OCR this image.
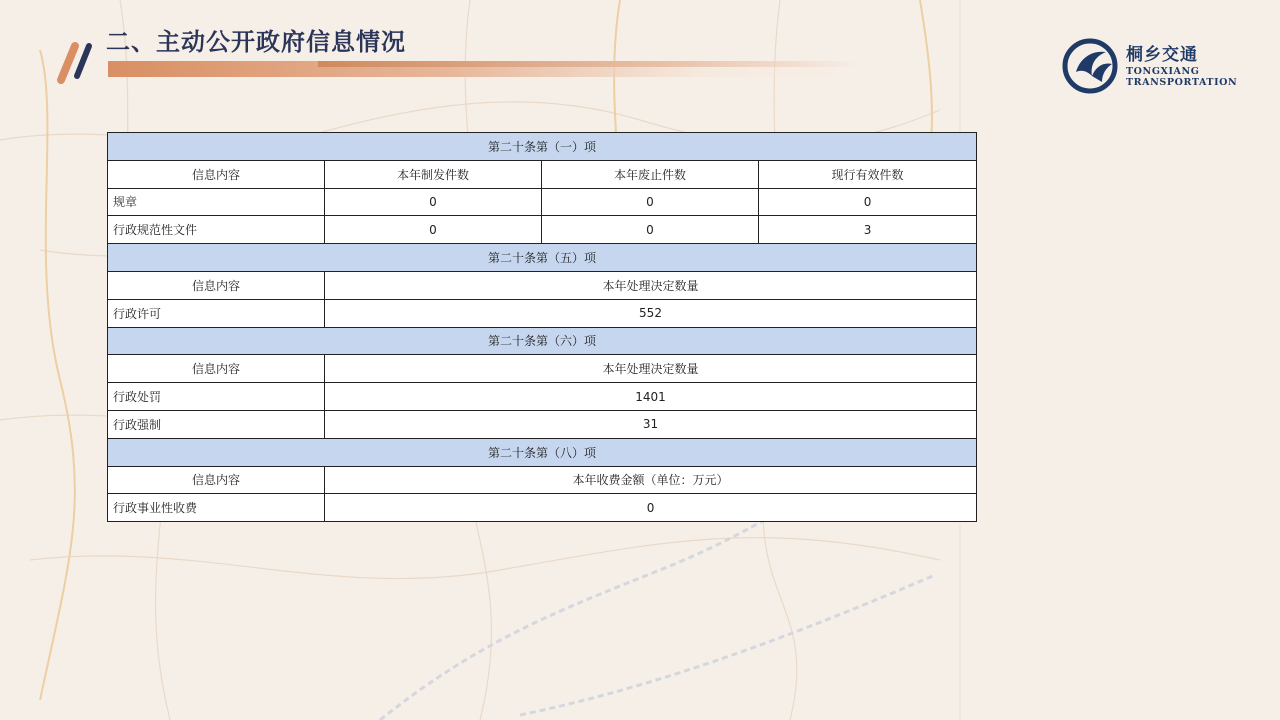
二、主动公开政府信息情况	桐乡交通
TONGXIANG
TRANSPORTATION
第二十条第（一）项			
信息内容	本年制发件数	本年废止件数	现行有效件数
规章	0	0	0
行政规范性文件	0	0	3
第二十条第（五）项			
信息内容	本年处理决定数量		
行政许可	552		
第二十条第（六）项			
信息内容	本年处理决定数量		
行政处罚	1401		
行政强制	31		
第二十条第（八）项			
信息内容	本年收费金额（单位：万元）		
行政事业性收费	0		
